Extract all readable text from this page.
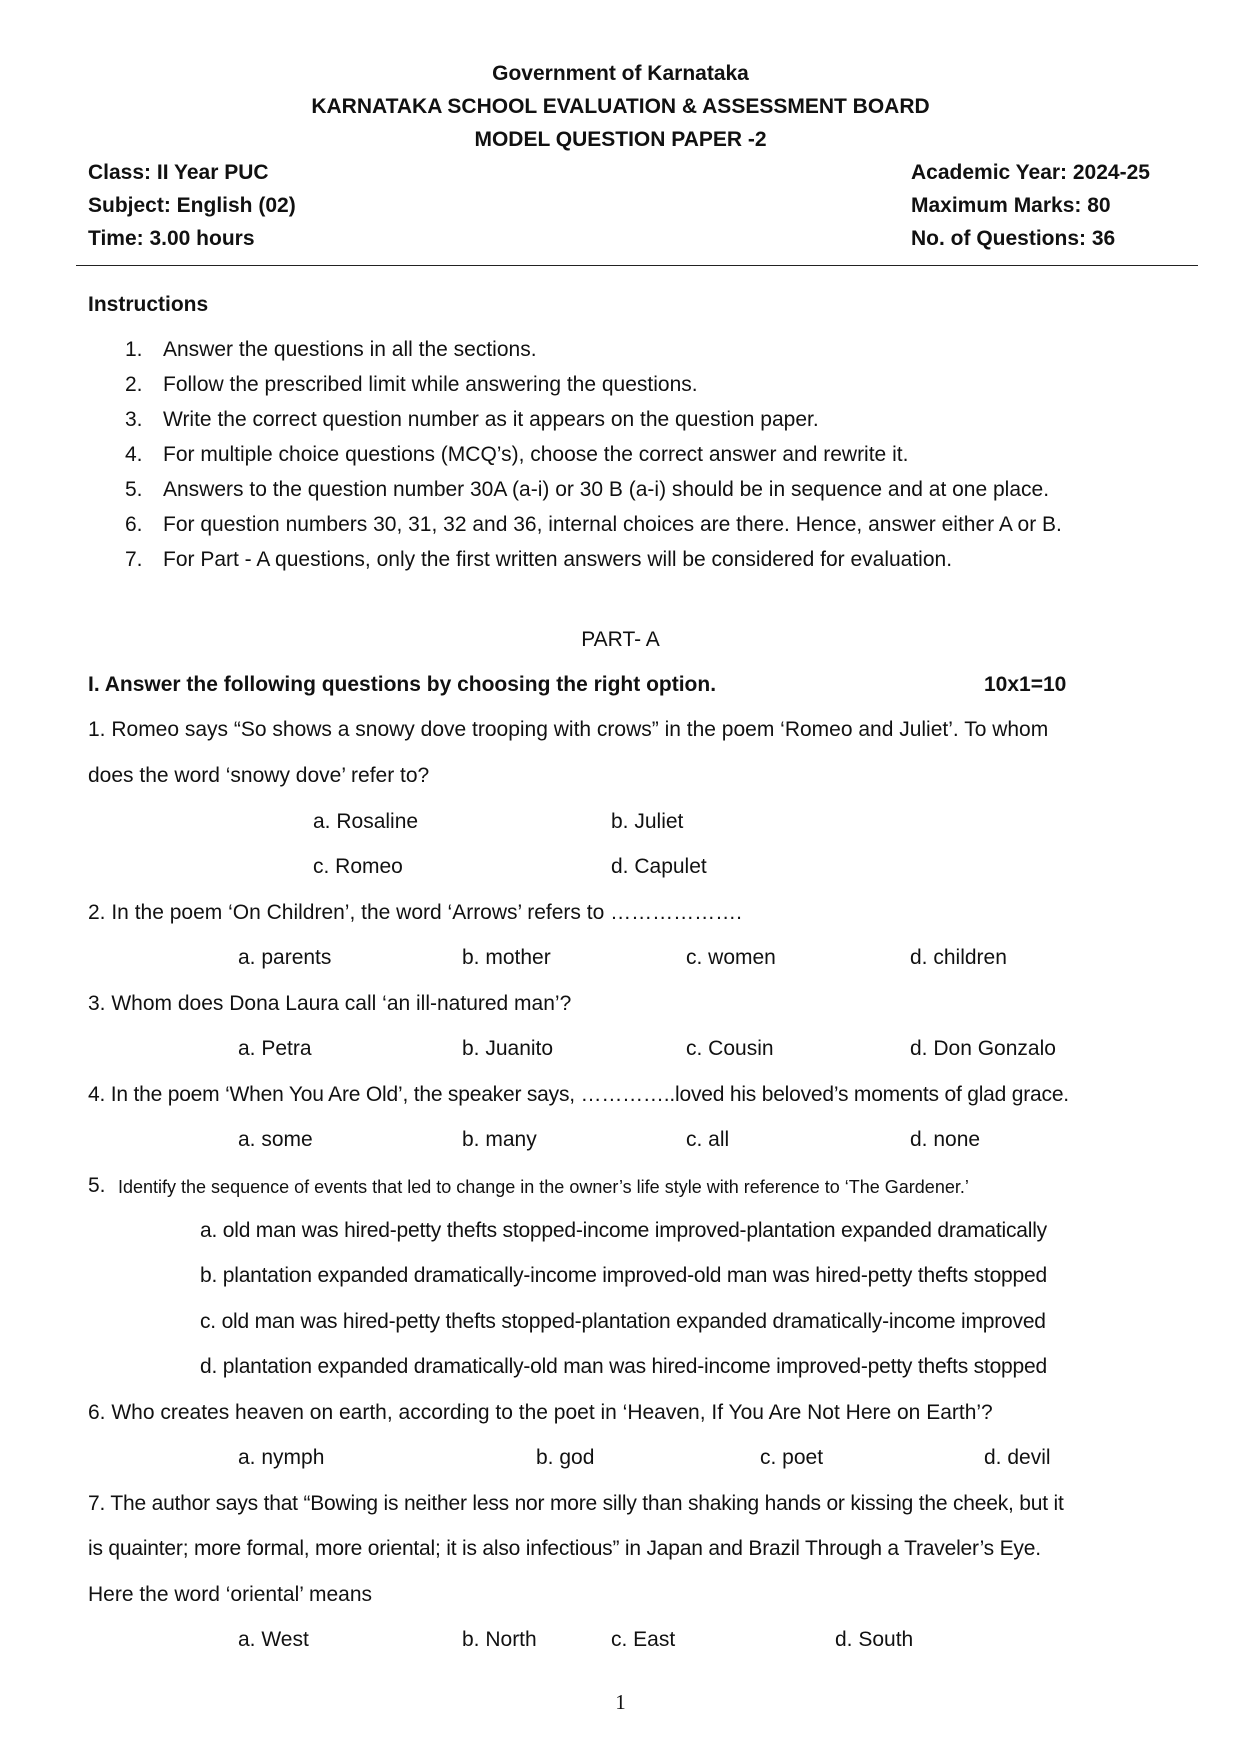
Government of Karnataka
KARNATAKA SCHOOL EVALUATION & ASSESSMENT BOARD
MODEL QUESTION PAPER -2
Class: II Year PUC
Subject: English (02)
Time: 3.00 hours
Academic Year: 2024-25
Maximum Marks: 80
No. of Questions: 36
Instructions
1. Answer the questions in all the sections.
2. Follow the prescribed limit while answering the questions.
3. Write the correct question number as it appears on the question paper.
4. For multiple choice questions (MCQ’s), choose the correct answer and rewrite it.
5. Answers to the question number 30A (a-i) or 30 B (a-i) should be in sequence and at one place.
6. For question numbers 30, 31, 32 and 36, internal choices are there. Hence, answer either A or B.
7. For Part - A questions, only the first written answers will be considered for evaluation.
PART- A
I. Answer the following questions by choosing the right option.	10x1=10
1. Romeo says “So shows a snowy dove trooping with crows” in the poem ‘Romeo and Juliet’. To whom
does the word ‘snowy dove’ refer to?
a. Rosaline	b. Juliet
c. Romeo	d. Capulet
2. In the poem ‘On Children’, the word ‘Arrows’ refers to ……………….
a. parents	b. mother	c. women	d. children
3. Whom does Dona Laura call ‘an ill-natured man’?
a. Petra	b. Juanito	c. Cousin	d. Don Gonzalo
4. In the poem ‘When You Are Old’, the speaker says, …………..loved his beloved’s moments of glad grace.
a. some	b. many	c. all	d. none
5. Identify the sequence of events that led to change in the owner’s life style with reference to ‘The Gardener.’
a. old man was hired-petty thefts stopped-income improved-plantation expanded dramatically
b. plantation expanded dramatically-income improved-old man was hired-petty thefts stopped
c. old man was hired-petty thefts stopped-plantation expanded dramatically-income improved
d. plantation expanded dramatically-old man was hired-income improved-petty thefts stopped
6. Who creates heaven on earth, according to the poet in ‘Heaven, If You Are Not Here on Earth’?
a. nymph	b. god	c. poet	d. devil
7. The author says that “Bowing is neither less nor more silly than shaking hands or kissing the cheek, but it
is quainter; more formal, more oriental; it is also infectious” in Japan and Brazil Through a Traveler’s Eye.
Here the word ‘oriental’ means
a. West	b. North	c. East	d. South
1
